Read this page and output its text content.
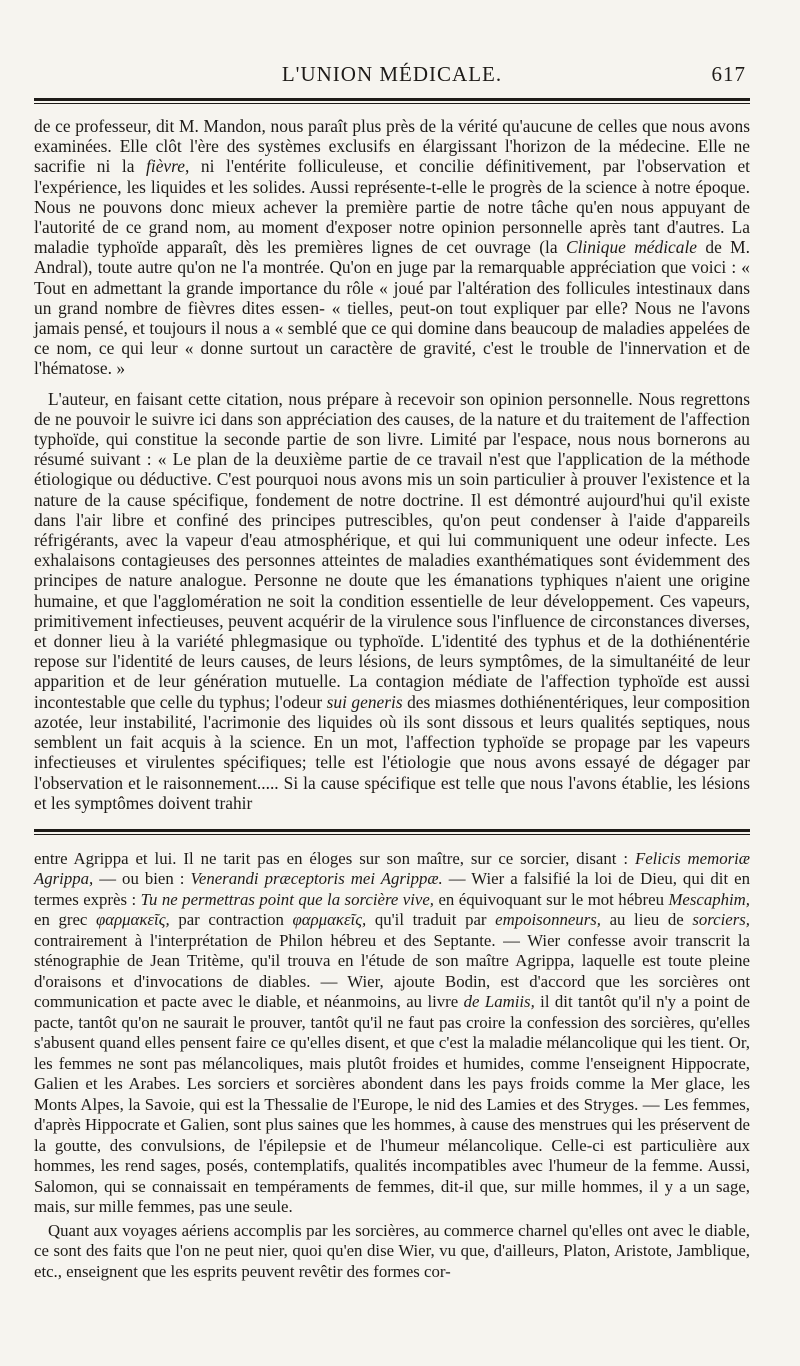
L'UNION MÉDICALE.	617

de ce professeur, dit M. Mandon, nous paraît plus près de la vérité qu'aucune de celles que nous avons examinées. Elle clôt l'ère des systèmes exclusifs en élargissant l'horizon de la médecine. Elle ne sacrifie ni la fièvre, ni l'entérite folliculeuse, et concilie définitivement, par l'observation et l'expérience, les liquides et les solides. Aussi représente-t-elle le progrès de la science à notre époque. Nous ne pouvons donc mieux achever la première partie de notre tâche qu'en nous appuyant de l'autorité de ce grand nom, au moment d'exposer notre opinion personnelle après tant d'autres. La maladie typhoïde apparaît, dès les premières lignes de cet ouvrage (la Clinique médicale de M. Andral), toute autre qu'on ne l'a montrée. Qu'on en juge par la remarquable appréciation que voici : « Tout en admettant la grande importance du rôle « joué par l'altération des follicules intestinaux dans un grand nombre de fièvres dites essen- « tielles, peut-on tout expliquer par elle? Nous ne l'avons jamais pensé, et toujours il nous a « semblé que ce qui domine dans beaucoup de maladies appelées de ce nom, ce qui leur « donne surtout un caractère de gravité, c'est le trouble de l'innervation et de l'hématose. »

L'auteur, en faisant cette citation, nous prépare à recevoir son opinion personnelle. Nous regrettons de ne pouvoir le suivre ici dans son appréciation des causes, de la nature et du traitement de l'affection typhoïde, qui constitue la seconde partie de son livre. Limité par l'espace, nous nous bornerons au résumé suivant : « Le plan de la deuxième partie de ce travail n'est que l'application de la méthode étiologique ou déductive. C'est pourquoi nous avons mis un soin particulier à prouver l'existence et la nature de la cause spécifique, fondement de notre doctrine. Il est démontré aujourd'hui qu'il existe dans l'air libre et confiné des principes putrescibles, qu'on peut condenser à l'aide d'appareils réfrigérants, avec la vapeur d'eau atmosphérique, et qui lui communiquent une odeur infecte. Les exhalaisons contagieuses des personnes atteintes de maladies exanthématiques sont évidemment des principes de nature analogue. Personne ne doute que les émanations typhiques n'aient une origine humaine, et que l'agglomération ne soit la condition essentielle de leur développement. Ces vapeurs, primitivement infectieuses, peuvent acquérir de la virulence sous l'influence de circonstances diverses, et donner lieu à la variété phlegmasique ou typhoïde. L'identité des typhus et de la dothiénentérie repose sur l'identité de leurs causes, de leurs lésions, de leurs symptômes, de la simultanéité de leur apparition et de leur génération mutuelle. La contagion médiate de l'affection typhoïde est aussi incontestable que celle du typhus; l'odeur sui generis des miasmes dothiénentériques, leur composition azotée, leur instabilité, l'acrimonie des liquides où ils sont dissous et leurs qualités septiques, nous semblent un fait acquis à la science. En un mot, l'affection typhoïde se propage par les vapeurs infectieuses et virulentes spécifiques; telle est l'étiologie que nous avons essayé de dégager par l'observation et le raisonnement..... Si la cause spécifique est telle que nous l'avons établie, les lésions et les symptômes doivent trahir

entre Agrippa et lui. Il ne tarit pas en éloges sur son maître, sur ce sorcier, disant : Felicis memoriæ Agrippa, — ou bien : Venerandi præceptoris mei Agrippæ. — Wier a falsifié la loi de Dieu, qui dit en termes exprès : Tu ne permettras point que la sorcière vive, en équivoquant sur le mot hébreu Mescaphim, en grec φαρμακεῖς, par contraction φαρμακεῖς, qu'il traduit par empoisonneurs, au lieu de sorciers, contrairement à l'interprétation de Philon hébreu et des Septante. — Wier confesse avoir transcrit la sténographie de Jean Tritème, qu'il trouva en l'étude de son maître Agrippa, laquelle est toute pleine d'oraisons et d'invocations de diables. — Wier, ajoute Bodin, est d'accord que les sorcières ont communication et pacte avec le diable, et néanmoins, au livre de Lamiis, il dit tantôt qu'il n'y a point de pacte, tantôt qu'on ne saurait le prouver, tantôt qu'il ne faut pas croire la confession des sorcières, qu'elles s'abusent quand elles pensent faire ce qu'elles disent, et que c'est la maladie mélancolique qui les tient. Or, les femmes ne sont pas mélancoliques, mais plutôt froides et humides, comme l'enseignent Hippocrate, Galien et les Arabes. Les sorciers et sorcières abondent dans les pays froids comme la Mer glace, les Monts Alpes, la Savoie, qui est la Thessalie de l'Europe, le nid des Lamies et des Stryges. — Les femmes, d'après Hippocrate et Galien, sont plus saines que les hommes, à cause des menstrues qui les préservent de la goutte, des convulsions, de l'épilepsie et de l'humeur mélancolique. Celle-ci est particulière aux hommes, les rend sages, posés, contemplatifs, qualités incompatibles avec l'humeur de la femme. Aussi, Salomon, qui se connaissait en tempéraments de femmes, dit-il que, sur mille hommes, il y a un sage, mais, sur mille femmes, pas une seule.

Quant aux voyages aériens accomplis par les sorcières, au commerce charnel qu'elles ont avec le diable, ce sont des faits que l'on ne peut nier, quoi qu'en dise Wier, vu que, d'ailleurs, Platon, Aristote, Jamblique, etc., enseignent que les esprits peuvent revêtir des formes cor-
